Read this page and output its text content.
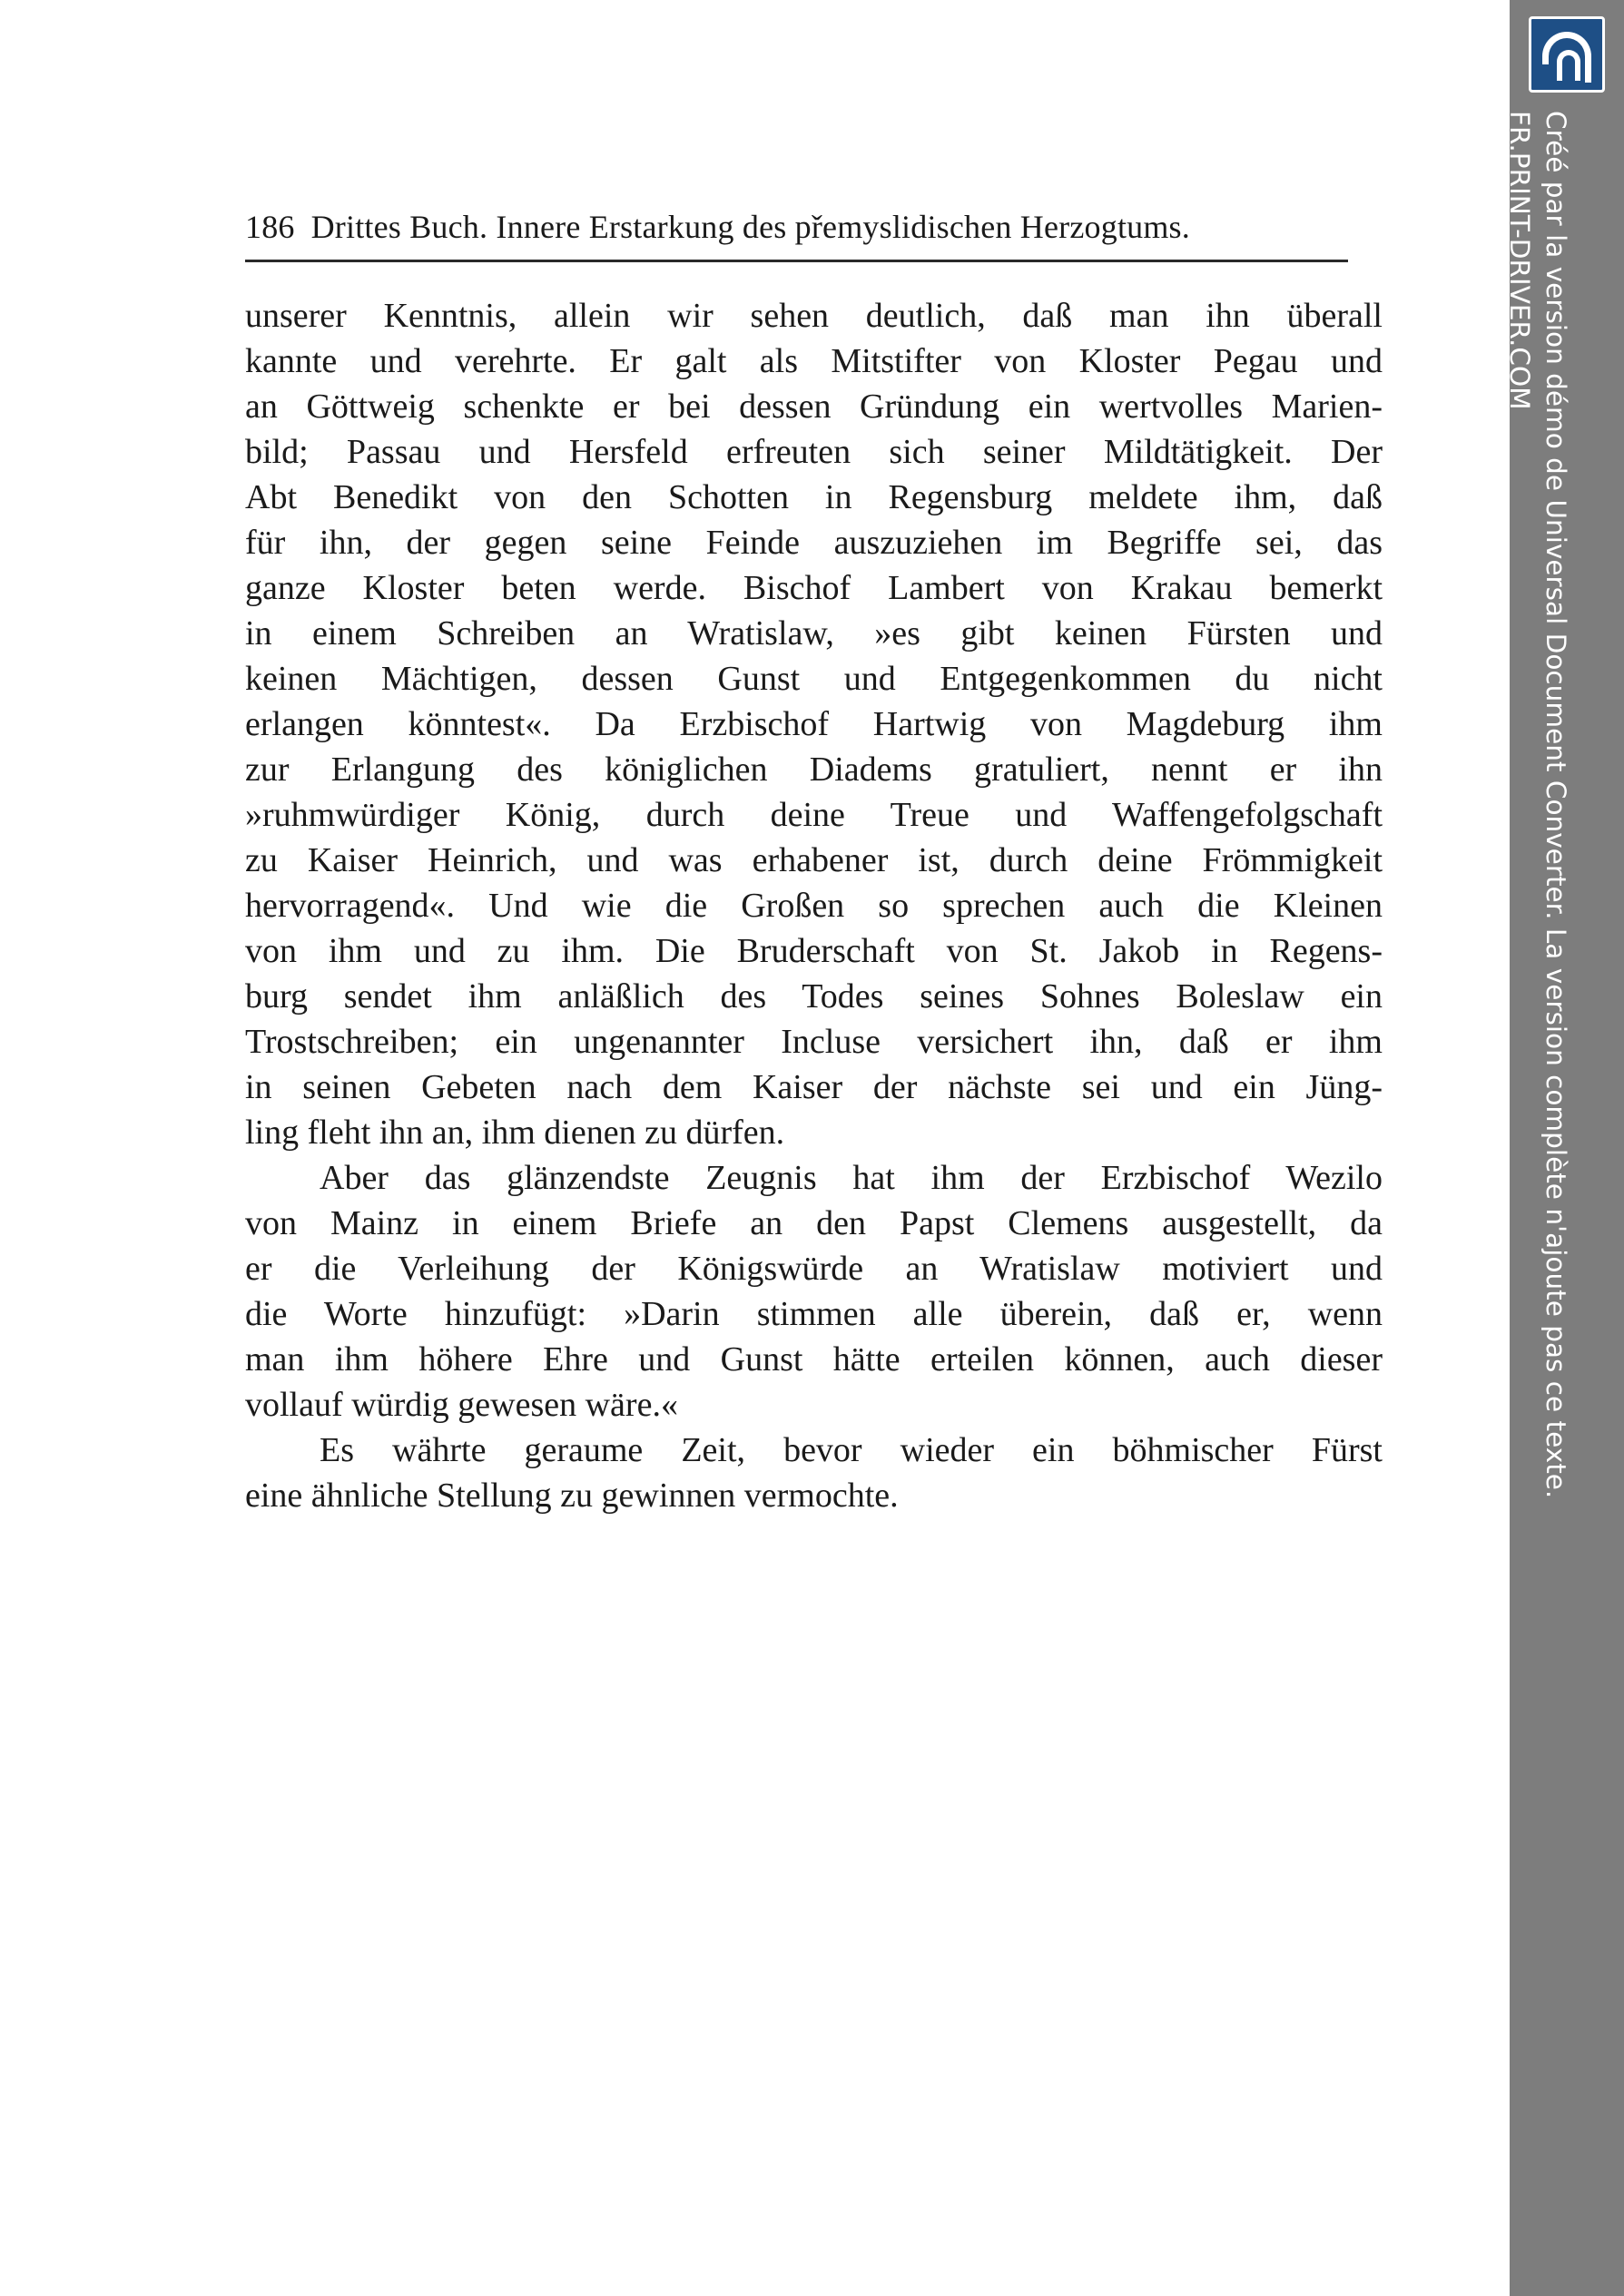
186 Drittes Buch. Innere Erstarkung des přemyslidischen Herzogtums.
unserer Kenntnis, allein wir sehen deutlich, daß man ihn überall
kannte und verehrte. Er galt als Mitstifter von Kloster Pegau und
an Göttweig schenkte er bei dessen Gründung ein wertvolles Marien-
bild; Passau und Hersfeld erfreuten sich seiner Mildtätigkeit. Der
Abt Benedikt von den Schotten in Regensburg meldete ihm, daß
für ihn, der gegen seine Feinde auszuziehen im Begriffe sei, das
ganze Kloster beten werde. Bischof Lambert von Krakau bemerkt
in einem Schreiben an Wratislaw, »es gibt keinen Fürsten und
keinen Mächtigen, dessen Gunst und Entgegenkommen du nicht
erlangen könntest«. Da Erzbischof Hartwig von Magdeburg ihm
zur Erlangung des königlichen Diadems gratuliert, nennt er ihn
»ruhmwürdiger König, durch deine Treue und Waffengefolgschaft
zu Kaiser Heinrich, und was erhabener ist, durch deine Frömmigkeit
hervorragend«. Und wie die Großen so sprechen auch die Kleinen
von ihm und zu ihm. Die Bruderschaft von St. Jakob in Regens-
burg sendet ihm anläßlich des Todes seines Sohnes Boleslaw ein
Trostschreiben; ein ungenannter Incluse versichert ihn, daß er ihm
in seinen Gebeten nach dem Kaiser der nächste sei und ein Jüng-
ling fleht ihn an, ihm dienen zu dürfen.
Aber das glänzendste Zeugnis hat ihm der Erzbischof Wezilo
von Mainz in einem Briefe an den Papst Clemens ausgestellt, da
er die Verleihung der Königswürde an Wratislaw motiviert und
die Worte hinzufügt: »Darin stimmen alle überein, daß er, wenn
man ihm höhere Ehre und Gunst hätte erteilen können, auch dieser
vollauf würdig gewesen wäre.«
Es währte geraume Zeit, bevor wieder ein böhmischer Fürst
eine ähnliche Stellung zu gewinnen vermochte.	Créé par la version démo de Universal Document Converter. La version complète n'ajoute pas ce texte.
FR.PRINT-DRIVER.COM
